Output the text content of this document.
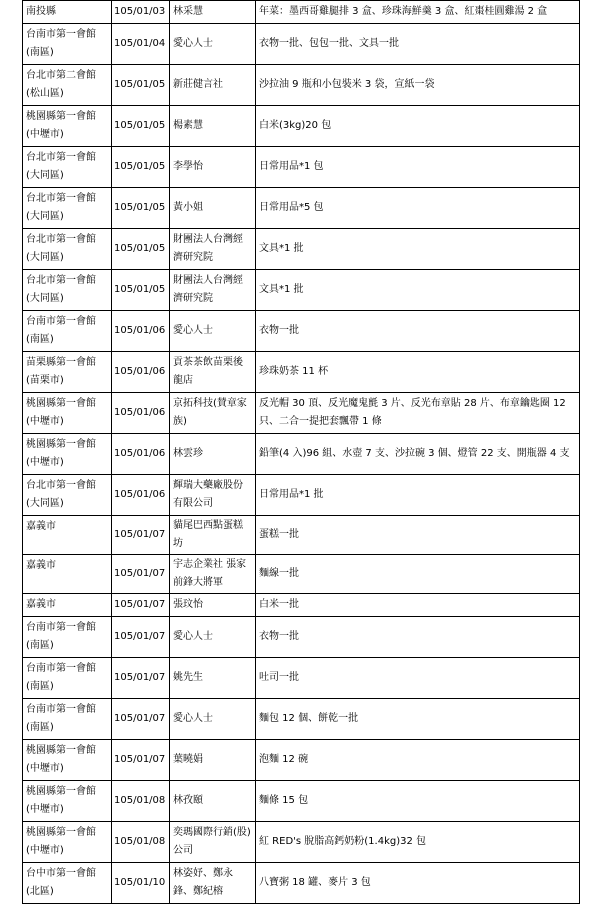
南投縣	105/01/03	林采慧	年菜：墨西哥雞腿排 3 盒、珍珠海鮮羹 3 盒、紅棗桂圓雞湯 2 盒
台南市第一會館 (南區)	105/01/04	愛心人士	衣物一批、包包一批、文具一批
台北市第二會館 (松山區)	105/01/05	新莊健言社	沙拉油 9 瓶和小包裝米 3 袋，宣紙一袋
桃園縣第一會館 (中壢市)	105/01/05	楊素慧	白米(3kg)20 包
台北市第一會館 (大同區)	105/01/05	李學怡	日常用品*1 包
台北市第一會館 (大同區)	105/01/05	黃小姐	日常用品*5 包
台北市第一會館 (大同區)	105/01/05	財團法人台灣經濟研究院	文具*1 批
台北市第一會館 (大同區)	105/01/05	財團法人台灣經濟研究院	文具*1 批
台南市第一會館 (南區)	105/01/06	愛心人士	衣物一批
苗栗縣第一會館 (苗栗市)	105/01/06	貢茶茶飲苗栗後龍店	珍珠奶茶 11 杯
桃園縣第一會館 (中壢市)	105/01/06	京拓科技(賛章家族)	反光帽 30 頂、反光魔鬼氈 3 片、反光布章貼 28 片、布章鑰匙圈 12 只、二合一提把套飄帶 1 條
桃園縣第一會館 (中壢市)	105/01/06	林雲珍	鉛筆(4 入)96 組、水壺 7 支、沙拉碗 3 個、燈管 22 支、開瓶器 4 支
台北市第一會館 (大同區)	105/01/06	輝瑞大藥廠股份有限公司	日常用品*1 批
嘉義市	105/01/07	貓尾巴西點蛋糕坊	蛋糕一批
嘉義市	105/01/07	宇志企業社 張家前鋒大將軍	麵線一批
嘉義市	105/01/07	張玟怡	白米一批
台南市第一會館 (南區)	105/01/07	愛心人士	衣物一批
台南市第一會館 (南區)	105/01/07	姚先生	吐司一批
台南市第一會館 (南區)	105/01/07	愛心人士	麵包 12 個、餅乾一批
桃園縣第一會館 (中壢市)	105/01/07	葉曉娟	泡麵 12 碗
桃園縣第一會館 (中壢市)	105/01/08	林孜頤	麵條 15 包
桃園縣第一會館 (中壢市)	105/01/08	奕瑪國際行銷(股)公司	紅 RED's 脫脂高鈣奶粉(1.4kg)32 包
台中市第一會館 (北區)	105/01/10	林姿妤、鄭永鋒、鄭紀榕	八寶粥 18 罐、麥片 3 包
